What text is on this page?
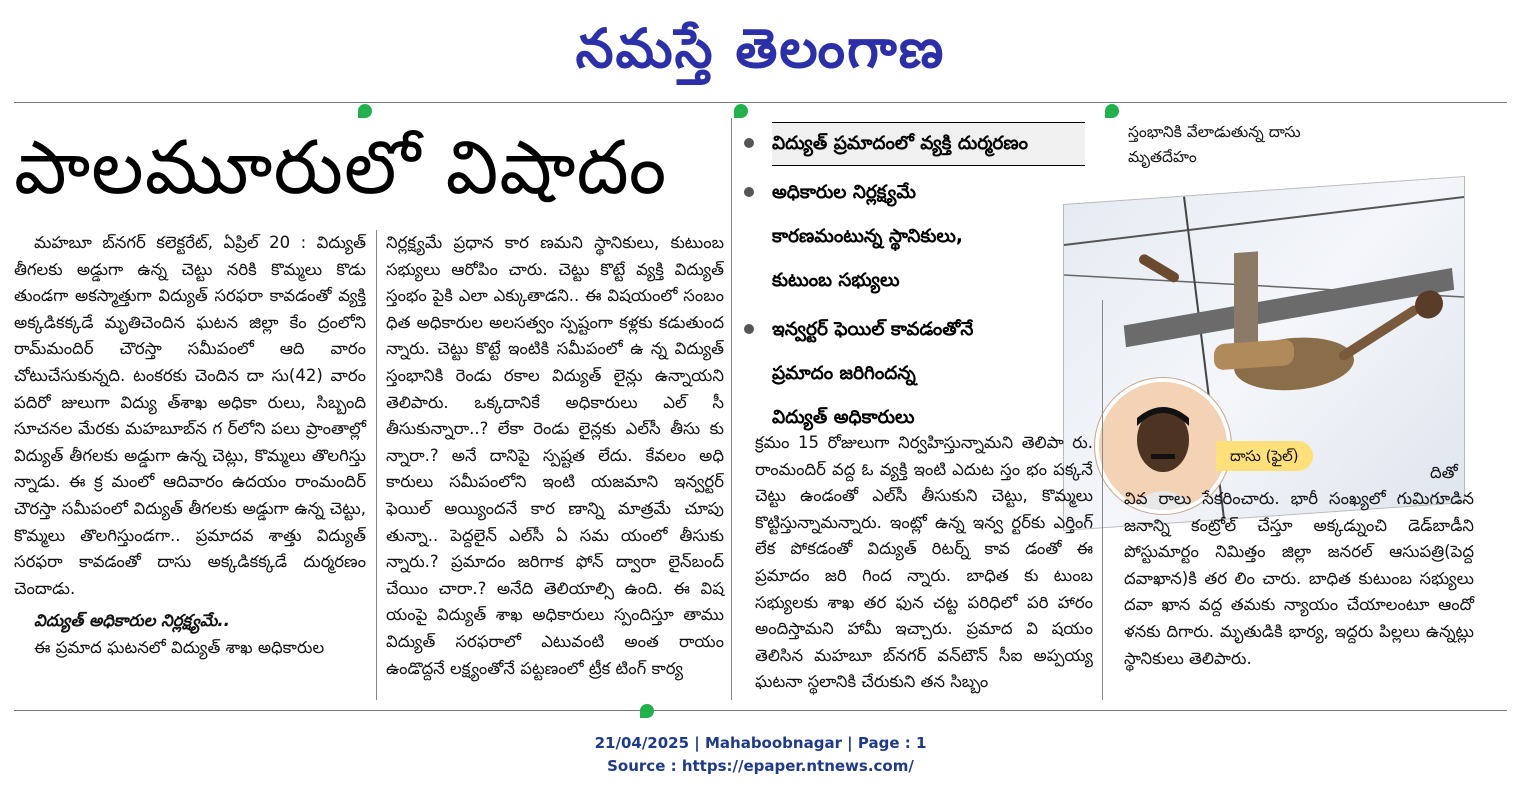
నమస్తే తెలంగాణ
పాలమూరులో విషాదం

మహబూ బ్‌నగర్ కలెక్టరేట్, ఏప్రిల్ 20 : విద్యుత్ తీగలకు అడ్డుగా ఉన్న చెట్టు నరికి కొమ్మలు కొడు తుండగా అకస్మాత్తుగా విద్యుత్ సరఫరా కావడంతో వ్యక్తి అక్కడికక్కడే మృతిచెందిన ఘటన జిల్లా కేం ద్రంలోని రామ్‌మందిర్ చౌరస్తా సమీపంలో ఆది వారం చోటుచేసుకున్నది. టంకరకు చెందిన దా సు(42) వారం పదిరో జులుగా విద్యు త్‌శాఖ అధికా రులు, సిబ్బంది సూచనల మేరకు మహబూబ్‌న గ ర్‌లోని పలు ప్రాంతాల్లో విద్యుత్ తీగలకు అడ్డుగా ఉన్న చెట్లు, కొమ్మలు తొలగిస్తు న్నాడు. ఈ క్ర మంలో ఆదివారం ఉదయం రాంమందిర్ చౌరస్తా సమీపంలో విద్యుత్ తీగలకు అడ్డుగా ఉన్న చెట్టు, కొమ్మలు తొలగిస్తుండగా.. ప్రమాదవ శాత్తు విద్యుత్ సరఫరా కావడంతో దాసు అక్కడికక్కడే దుర్మరణం చెందాడు.

విద్యుత్ అధికారుల నిర్లక్ష్యమే..

ఈ ప్రమాద ఘటనలో విద్యుత్ శాఖ అధికారుల

నిర్లక్ష్యమే ప్రధాన కార ణమని స్థానికులు, కుటుంబ సభ్యులు ఆరోపిం చారు. చెట్టు కొట్టే వ్యక్తి విద్యుత్ స్తంభం పైకి ఎలా ఎక్కుతాడని.. ఈ విషయంలో సంబం ధిత అధికారుల అలసత్వం స్పష్టంగా కళ్లకు కడుతుంద న్నారు. చెట్టు కొట్టే ఇంటికి సమీపంలో ఉ న్న విద్యుత్ స్తంభానికి రెండు రకాల విద్యుత్ లైన్లు ఉన్నాయని తెలిపారు. ఒక్కదానికే అధికారులు ఎల్ సీ తీసుకున్నారా..? లేకా రెండు లైన్లకు ఎల్‌సీ తీసు కు న్నారా.? అనే దానిపై స్పష్టత లేదు. కేవలం అధి కారులు సమీపంలోని ఇంటి యజమాని ఇన్వర్టర్ ఫెయిల్ అయ్యిందనే కార ణాన్ని మాత్రమే చూపు తున్నా.. పెద్దలైన్ ఎల్‌సీ ఏ సమ యంలో తీసుకు న్నారు.? ప్రమాదం జరిగాక ఫోన్ ద్వారా లైన్‌బంద్ చేయిం చారా.? అనేది తెలియాల్సి ఉంది. ఈ విష యంపై విద్యుత్ శాఖ అధికారులు స్పందిస్తూ తాము విద్యుత్ సరఫరాలో ఎటువంటి అంత రాయం ఉండొద్దనే లక్ష్యంతోనే పట్టణంలో ట్రీక టింగ్ కార్య

విద్యుత్ ప్రమాదంలో వ్యక్తి దుర్మరణం
అధికారుల నిర్లక్ష్యమే
కారణమంటున్న స్థానికులు,
కుటుంబ సభ్యులు
ఇన్వర్టర్ ఫెయిల్ కావడంతోనే
ప్రమాదం జరిగిందన్న
విద్యుత్ అధికారులు
స్తంభానికి వేలాడుతున్న దాసు మృతదేహం
దాసు (ఫైల్)

క్రమం 15 రోజులుగా నిర్వహిస్తున్నామని తెలిపా రు. రాంమందిర్ వద్ద ఓ వ్యక్తి ఇంటి ఎదుట స్తం భం పక్కనే చెట్టు ఉండంతో ఎల్‌సీ తీసుకుని చెట్టు, కొమ్మలు కొట్టిస్తున్నామన్నారు. ఇంట్లో ఉన్న ఇన్వ ర్టర్‌కు ఎర్తింగ్ లేక పోకడంతో విద్యుత్ రిటర్న్ కావ డంతో ఈ ప్రమాదం జరి గింద న్నారు. బాధిత కు టుంబ సభ్యులకు శాఖ తర ఫున చట్ట పరిధిలో పరి హారం అందిస్తామని హామీ ఇచ్చారు. ప్రమాద వి షయం తెలిసిన మహబూ బ్‌నగర్ వన్‌టౌన్ సీఐ అప్పయ్య ఘటనా స్థలానికి చేరుకుని తన సిబ్బం

దితో

వివ రాలు సేకరించారు. భారీ సంఖ్యలో గుమిగూడిన జనాన్ని కంట్రోల్ చేస్తూ అక్కడ్నుంచి డెడ్‌బాడీని పోస్టుమార్టం నిమిత్తం జిల్లా జనరల్ ఆసుపత్రి(పెద్ద దవాఖాన)కి తర లిం చారు. బాధిత కుటుంబ సభ్యులు దవా ఖాన వద్ద తమకు న్యాయం చేయాలంటూ ఆందో ళనకు దిగారు. మృతుడికి భార్య, ఇద్దరు పిల్లలు ఉన్నట్లు స్థానికులు తెలిపారు.

21/04/2025 | Mahaboobnagar | Page : 1
Source : https://epaper.ntnews.com/
